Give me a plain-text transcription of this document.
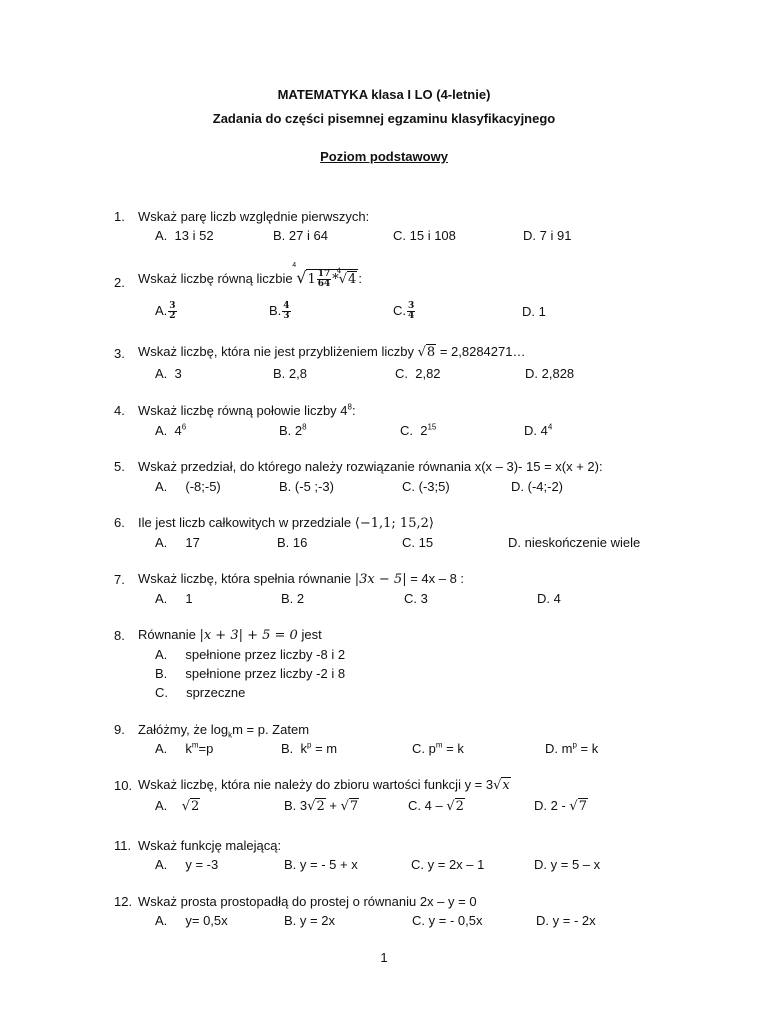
MATEMATYKA klasa I LO (4-letnie)
Zadania do części pisemnej egzaminu klasyfikacyjnego
Poziom podstawowy
1. Wskaż parę liczb względnie pierwszych:
A. 13 i 52	B. 27 i 64	C. 15 i 108	D. 7 i 91
2. Wskaż liczbę równą liczbie
4
√ $1 \frac{17}{64}$ *
4
√4 :
A. $\frac{3}{2}$	B. $\frac{4}{3}$	C. $\frac{3}{4}$	D. 1
3. Wskaż liczbę, która nie jest przybliżeniem liczby √8 = 2,8284271…
A. 3	B. 2,8	C. 2,82	D. 2,828
4. Wskaż liczbę równą połowie liczby $4^8$:
A. $4^6$	B. $2^8$	C. $2^{15}$	D. $4^4$
5. Wskaż przedział, do którego należy rozwiązanie równania x(x – 3)- 15 = x(x + 2):
A. (-8;-5)	B. (-5 ;-3)	C. (-3;5)	D. (-4;-2)
6. Ile jest liczb całkowitych w przedziale ⟨−1,1; 15,2⟩
A. 17	B. 16	C. 15	D. nieskończenie wiele
7. Wskaż liczbę, która spełnia równanie |3x − 5| = 4x – 8 :
A. 1	B. 2	C. 3	D. 4
8. Równanie |x + 3| + 5 = 0 jest
A. spełnione przez liczby -8 i 2
B. spełnione przez liczby -2 i 8
C. sprzeczne
9. Załóżmy, że $\log_km = p$. Zatem
A. $k^m=p$	B. $k^p = m$	C. $p^m = k$	D. $m^p = k$
10. Wskaż liczbę, która nie należy do zbioru wartości funkcji y = 3√x
A. √2	B. 3√2 + √7	C. 4 – √2	D. 2 - √7
11. Wskaż funkcję malejącą:
A. y = -3	B. y = - 5 + x	C. y = 2x – 1	D. y = 5 – x
12. Wskaż prosta prostopadłą do prostej o równaniu 2x – y = 0
A. y= 0,5x	B. y = 2x	C. y = - 0,5x	D. y = - 2x
1
